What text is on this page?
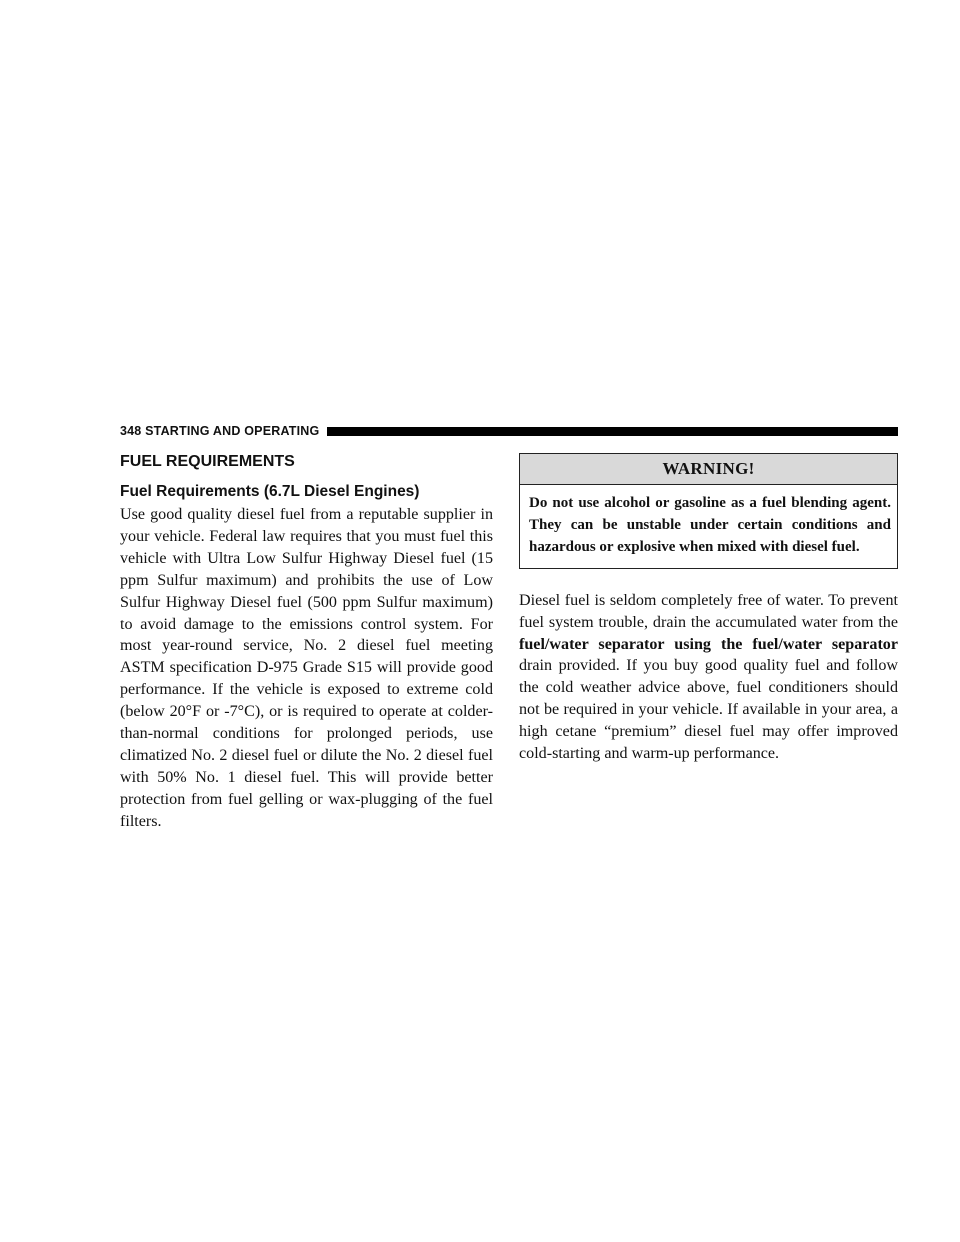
348 STARTING AND OPERATING
FUEL REQUIREMENTS
Fuel Requirements (6.7L Diesel Engines)

Use good quality diesel fuel from a reputable supplier in your vehicle. Federal law requires that you must fuel this vehicle with Ultra Low Sulfur Highway Diesel fuel (15 ppm Sulfur maximum) and prohibits the use of Low Sulfur Highway Diesel fuel (500 ppm Sulfur maximum) to avoid damage to the emissions control system. For most year-round service, No. 2 diesel fuel meeting ASTM specification D-975 Grade S15 will provide good performance. If the vehicle is exposed to extreme cold (below 20°F or -7°C), or is required to operate at colder-than-normal conditions for prolonged periods, use climatized No. 2 diesel fuel or dilute the No. 2 diesel fuel with 50% No. 1 diesel fuel. This will provide better protection from fuel gelling or wax-plugging of the fuel filters.

WARNING!
Do not use alcohol or gasoline as a fuel blending agent. They can be unstable under certain conditions and hazardous or explosive when mixed with diesel fuel.

Diesel fuel is seldom completely free of water. To prevent fuel system trouble, drain the accumulated water from the fuel/water separator using the fuel/water separator drain provided. If you buy good quality fuel and follow the cold weather advice above, fuel conditioners should not be required in your vehicle. If available in your area, a high cetane “premium” diesel fuel may offer improved cold-starting and warm-up performance.
